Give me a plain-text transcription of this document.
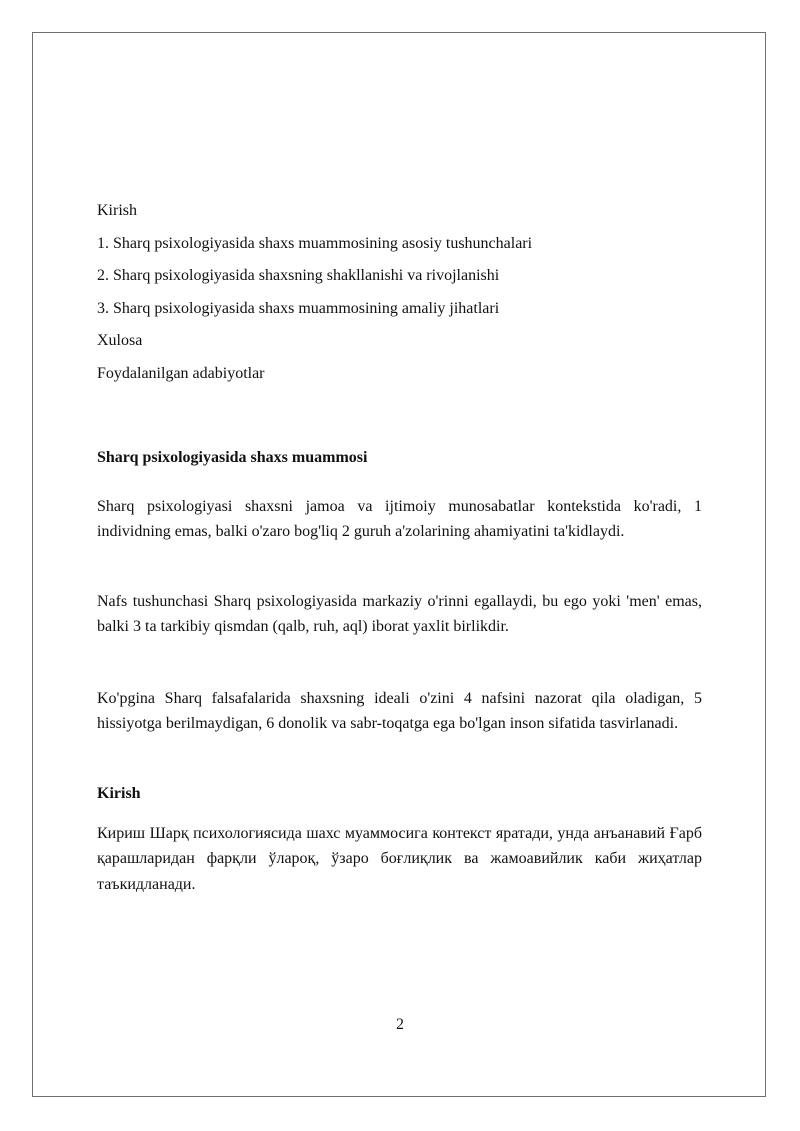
Kirish

1. Sharq psixologiyasida shaxs muammosining asosiy tushunchalari

2. Sharq psixologiyasida shaxsning shakllanishi va rivojlanishi

3. Sharq psixologiyasida shaxs muammosining amaliy jihatlari

Xulosa

Foydalanilgan adabiyotlar

Sharq psixologiyasida shaxs muammosi

Sharq psixologiyasi shaxsni jamoa va ijtimoiy munosabatlar kontekstida ko'radi, 1 individning emas, balki o'zaro bog'liq 2 guruh a'zolarining ahamiyatini ta'kidlaydi.

Nafs tushunchasi Sharq psixologiyasida markaziy o'rinni egallaydi, bu ego yoki 'men' emas, balki 3 ta tarkibiy qismdan (qalb, ruh, aql) iborat yaxlit birlikdir.

Ko'pgina Sharq falsafalarida shaxsning ideali o'zini 4 nafsini nazorat qila oladigan, 5 hissiyotga berilmaydigan, 6 donolik va sabr-toqatga ega bo'lgan inson sifatida tasvirlanadi.

Kirish

Кириш Шарқ психологиясида шахс муаммосига контекст яратади, унда анъанавий Ғарб қарашларидан фарқли ўлароқ, ўзаро боғлиқлик ва жамоавийлик каби жиҳатлар таъкидланади.

2
